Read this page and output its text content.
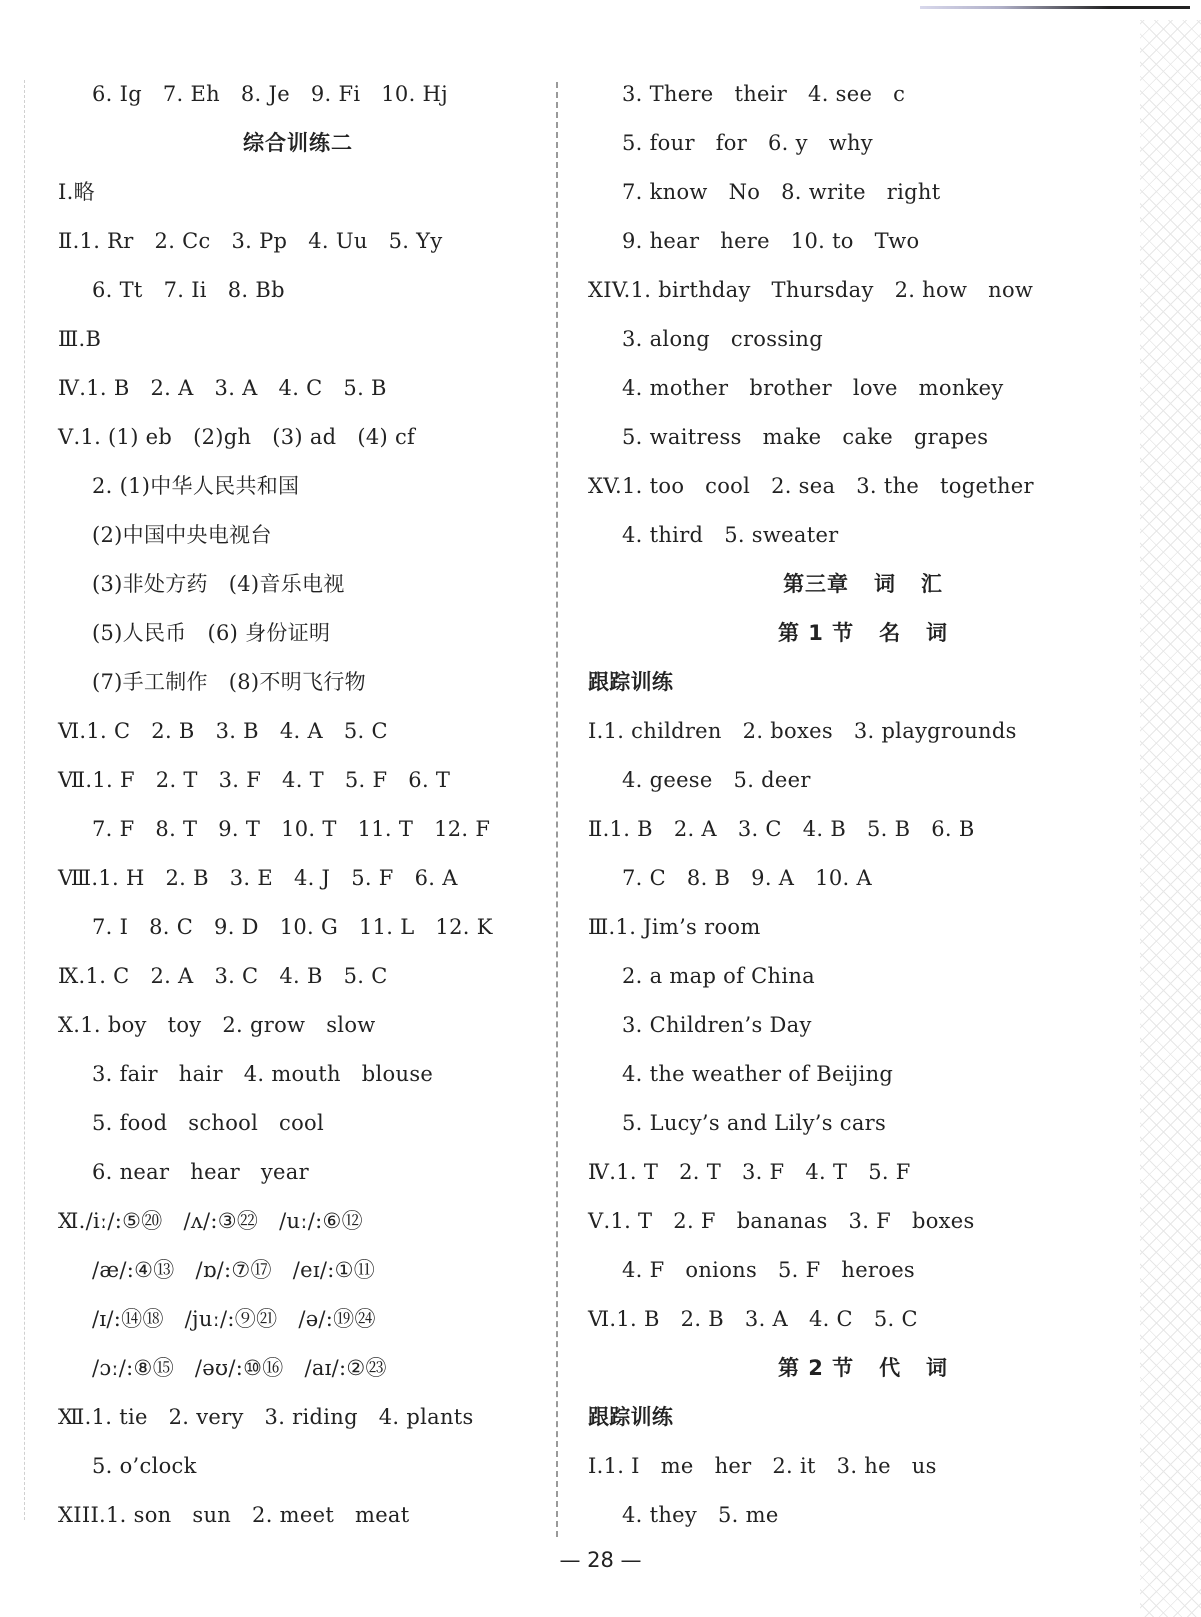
6. Ig   7. Eh   8. Je   9. Fi   10. Hj
综合训练二
Ⅰ.略
Ⅱ.1. Rr   2. Cc   3. Pp   4. Uu   5. Yy
6. Tt   7. Ii   8. Bb
Ⅲ.B
Ⅳ.1. B   2. A   3. A   4. C   5. B
Ⅴ.1. (1) eb   (2)gh   (3) ad   (4) cf
2. (1)中华人民共和国
(2)中国中央电视台
(3)非处方药   (4)音乐电视
(5)人民币   (6) 身份证明
(7)手工制作   (8)不明飞行物
Ⅵ.1. C   2. B   3. B   4. A   5. C
Ⅶ.1. F   2. T   3. F   4. T   5. F   6. T
7. F   8. T   9. T   10. T   11. T   12. F
Ⅷ.1. H   2. B   3. E   4. J   5. F   6. A
7. I   8. C   9. D   10. G   11. L   12. K
Ⅸ.1. C   2. A   3. C   4. B   5. C
Ⅹ.1. boy   toy   2. grow   slow
3. fair   hair   4. mouth   blouse
5. food   school   cool
6. near   hear   year
Ⅺ./iː/:⑤⑳   /ʌ/:③㉒   /uː/:⑥⑫
/æ/:④⑬   /ɒ/:⑦⑰   /eɪ/:①⑪
/ɪ/:⑭⑱   /juː/:⑨㉑   /ə/:⑲㉔
/ɔː/:⑧⑮   /əʊ/:⑩⑯   /aɪ/:②㉓
Ⅻ.1. tie   2. very   3. riding   4. plants
5. o’clock
XIII.1. son   sun   2. meet   meat
3. There   their   4. see   c
5. four   for   6. y   why
7. know   No   8. write   right
9. hear   here   10. to   Two
XIV.1. birthday   Thursday   2. how   now
3. along   crossing
4. mother   brother   love   monkey
5. waitress   make   cake   grapes
XV.1. too   cool   2. sea   3. the   together
4. third   5. sweater
第三章   词   汇
第 1 节   名   词
跟踪训练
Ⅰ.1. children   2. boxes   3. playgrounds
4. geese   5. deer
Ⅱ.1. B   2. A   3. C   4. B   5. B   6. B
7. C   8. B   9. A   10. A
Ⅲ.1. Jim’s room
2. a map of China
3. Children’s Day
4. the weather of Beijing
5. Lucy’s and Lily’s cars
Ⅳ.1. T   2. T   3. F   4. T   5. F
Ⅴ.1. T   2. F   bananas   3. F   boxes
4. F   onions   5. F   heroes
Ⅵ.1. B   2. B   3. A   4. C   5. C
第 2 节   代   词
跟踪训练
Ⅰ.1. I   me   her   2. it   3. he   us
4. they   5. me
— 28 —
